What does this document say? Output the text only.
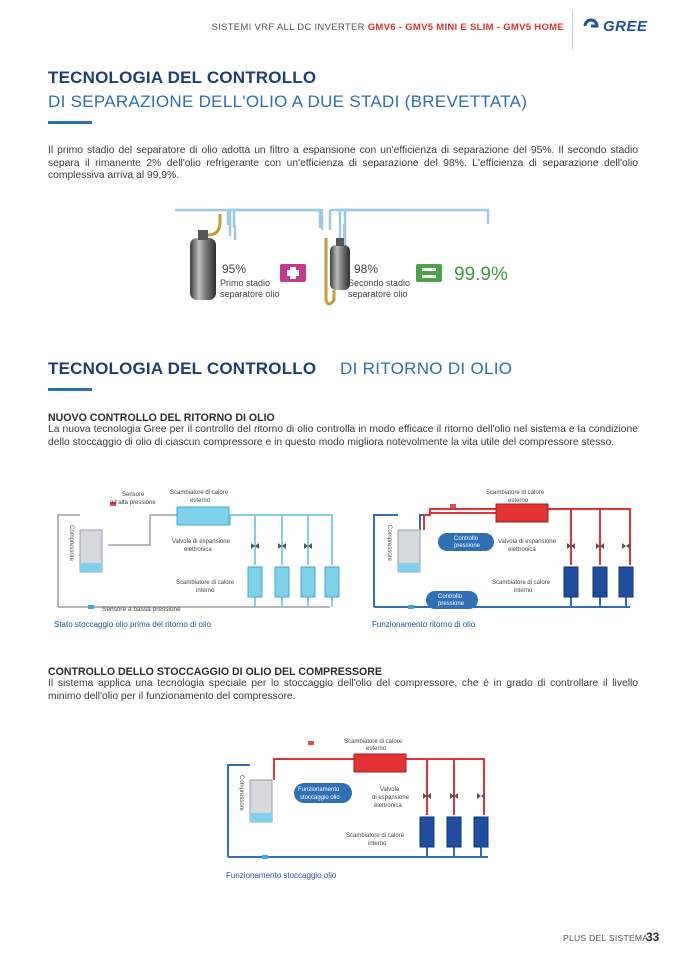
SISTEMI VRF ALL DC INVERTER GMV6 - GMV5 MINI E SLIM - GMV5 HOME	GREE
TECNOLOGIA DEL CONTROLLO
DI SEPARAZIONE DELL'OLIO A DUE STADI (BREVETTATA)
Il primo stadio del separatore di olio adotta un filtro a espansione con un'efficienza di separazione del 95%. Il secondo stadio separa il rimanente 2% dell'olio refrigerante con un'efficienza di separazione del 98%. L'efficienza di separazione dell'olio complessiva arriva al 99,9%.
95%
Primo stadio
separatore olio
98%
Secondo stadio
separatore olio
99.9%
TECNOLOGIA DEL CONTROLLO DI RITORNO DI OLIO
NUOVO CONTROLLO DEL RITORNO DI OLIO
La nuova tecnologia Gree per il controllo del ritorno di olio controlla in modo efficace il ritorno dell'olio nel sistema e la condizione dello stoccaggio di olio di ciascun compressore e in questo modo migliora notevolmente la vita utile del compressore stesso.
Compressore
Sensore
ad alta pressione
Scambiatore di calore
esterno
Valvola di espansione
elettronica
Scambiatore di calore
interno
Sensore a bassa pressione
Stato stoccaggio olio prima del ritorno di olio
Compressore
Scambiatore di calore
esterno
Controllo
pressione
Valvola di espansione
elettronica
Scambiatore di calore
interno
Controllo
pressione
Funzionamento ritorno di olio
CONTROLLO DELLO STOCCAGGIO DI OLIO DEL COMPRESSORE
Il sistema applica una tecnologia speciale per lo stoccaggio dell'olio del compressore, che è in grado di controllare il livello minimo dell'olio per il funzionamento del compressore.
Compressore
Scambiatore di calore
esterno
Funzionamento
stoccaggio olio
Valvola
di espansione
elettronica
Scambiatore di calore
interno
Funzionamento stoccaggio olio
PLUS DEL SISTEMA
33
